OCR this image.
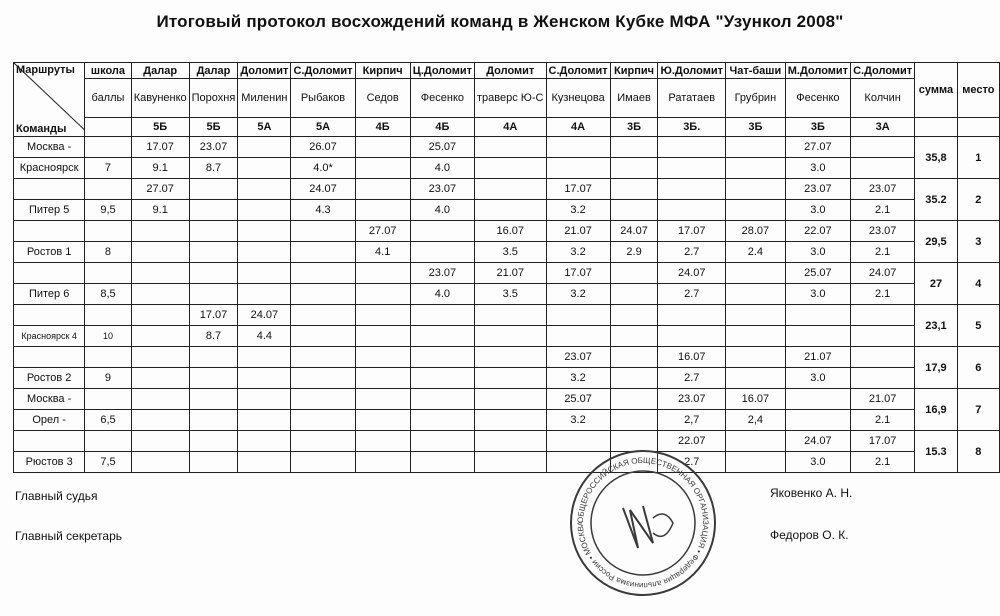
Итоговый протокол восхождений команд в Женском Кубке МФА "Узункол 2008"
Маршруты
Команды	школа	Далар	Далар	Доломит	С.Доломит	Кирпич	Ц.Доломит	Доломит	С.Доломит	Кирпич	Ю.Доломит	Чат-баши	М.Доломит	С.Доломит	сумма	место
	баллы	Кавуненко	Порохня	Миленин	Рыбаков	Седов	Фесенко	траверс Ю-С	Кузнецова	Имаев	Рататаев	Грубрин	Фесенко	Колчин		
		5Б	5Б	5А	5А	4Б	4Б	4А	4А	3Б	3Б.	3Б	3Б	3А		
Москва -		17.07	23.07		26.07		25.07						27.07		35,8	1
Красноярск	7	9.1	8.7		4.0*		4.0						3.0			
		27.07			24.07		23.07		17.07				23.07	23.07	35.2	2
Питер 5	9,5	9.1			4.3		4.0		3.2				3.0	2.1		
						27.07		16.07	21.07	24.07	17.07	28.07	22.07	23.07	29,5	3
Ростов 1	8					4.1		3.5	3.2	2.9	2.7	2.4	3.0	2.1		
							23.07	21.07	17.07		24.07		25.07	24.07	27	4
Питер 6	8,5						4.0	3.5	3.2		2.7		3.0	2.1		
			17.07	24.07											23,1	5
Красноярск 4	10		8.7	4.4												
									23.07		16.07		21.07		17,9	6
Ростов 2	9								3.2		2.7		3.0			
Москва -									25.07		23.07	16.07		21.07	16,9	7
Орел -	6,5								3.2		2,7	2,4		2.1		
											22.07		24.07	17.07	15.3	8
Рюстов 3	7,5										2.7		3.0	2.1		
Главный судья
Главный секретарь
Яковенко А. Н.
Федоров О. К.
ОБЩЕРОССИЙСКАЯ ОБЩЕСТВЕННАЯ ОРГАНИЗАЦИЯ • Федерация альпинизма России • МОСКВА
